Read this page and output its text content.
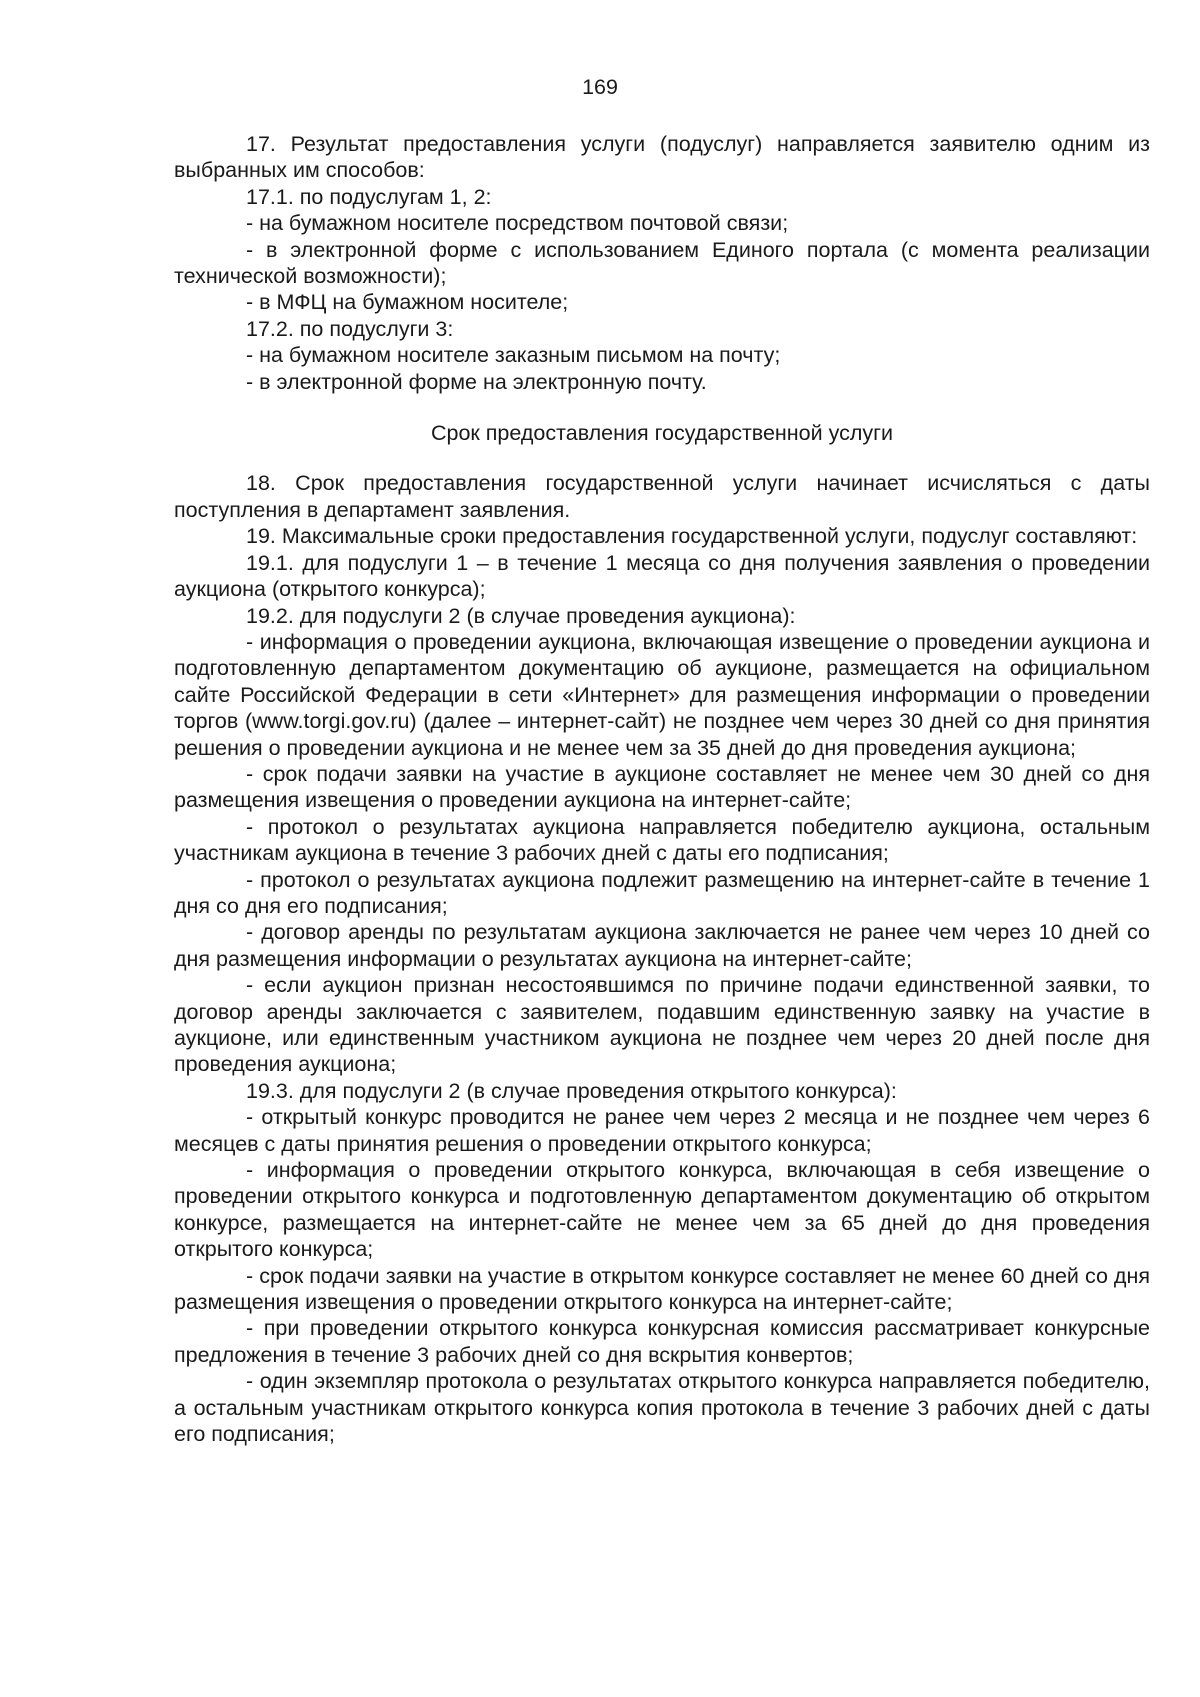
169

17. Результат предоставления услуги (подуслуг) направляется заявителю одним из выбранных им способов:

17.1. по подуслугам 1, 2:

- на бумажном носителе посредством почтовой связи;

- в электронной форме с использованием Единого портала (с момента реализации технической возможности);

- в МФЦ на бумажном носителе;

17.2. по подуслуги 3:

- на бумажном носителе заказным письмом на почту;

- в электронной форме на электронную почту.

Срок предоставления государственной услуги

18. Срок предоставления государственной услуги начинает исчисляться с даты поступления в департамент заявления.

19. Максимальные сроки предоставления государственной услуги, подуслуг составляют:

19.1. для подуслуги 1 – в течение 1 месяца со дня получения заявления о проведении аукциона (открытого конкурса);

19.2. для подуслуги 2 (в случае проведения аукциона):

- информация о проведении аукциона, включающая извещение о проведении аукциона и подготовленную департаментом документацию об аукционе, размещается на официальном сайте Российской Федерации в сети «Интернет» для размещения информации о проведении торгов (www.torgi.gov.ru) (далее – интернет-сайт) не позднее чем через 30 дней со дня принятия решения о проведении аукциона и не менее чем за 35 дней до дня проведения аукциона;

- срок подачи заявки на участие в аукционе составляет не менее чем 30 дней со дня размещения извещения о проведении аукциона на интернет-сайте;

- протокол о результатах аукциона направляется победителю аукциона, остальным участникам аукциона в течение 3 рабочих дней с даты его подписания;

- протокол о результатах аукциона подлежит размещению на интернет-сайте в течение 1 дня со дня его подписания;

- договор аренды по результатам аукциона заключается не ранее чем через 10 дней со дня размещения информации о результатах аукциона на интернет-сайте;

- если аукцион признан несостоявшимся по причине подачи единственной заявки, то договор аренды заключается с заявителем, подавшим единственную заявку на участие в аукционе, или единственным участником аукциона не позднее чем через 20 дней после дня проведения аукциона;

19.3. для подуслуги 2 (в случае проведения открытого конкурса):

- открытый конкурс проводится не ранее чем через 2 месяца и не позднее чем через 6 месяцев с даты принятия решения о проведении открытого конкурса;

- информация о проведении открытого конкурса, включающая в себя извещение о проведении открытого конкурса и подготовленную департаментом документацию об открытом конкурсе, размещается на интернет-сайте не менее чем за 65 дней до дня проведения открытого конкурса;

- срок подачи заявки на участие в открытом конкурсе составляет не менее 60 дней со дня размещения извещения о проведении открытого конкурса на интернет-сайте;

- при проведении открытого конкурса конкурсная комиссия рассматривает конкурсные предложения в течение 3 рабочих дней со дня вскрытия конвертов;

- один экземпляр протокола о результатах открытого конкурса направляется победителю, а остальным участникам открытого конкурса копия протокола в течение 3 рабочих дней с даты его подписания;
